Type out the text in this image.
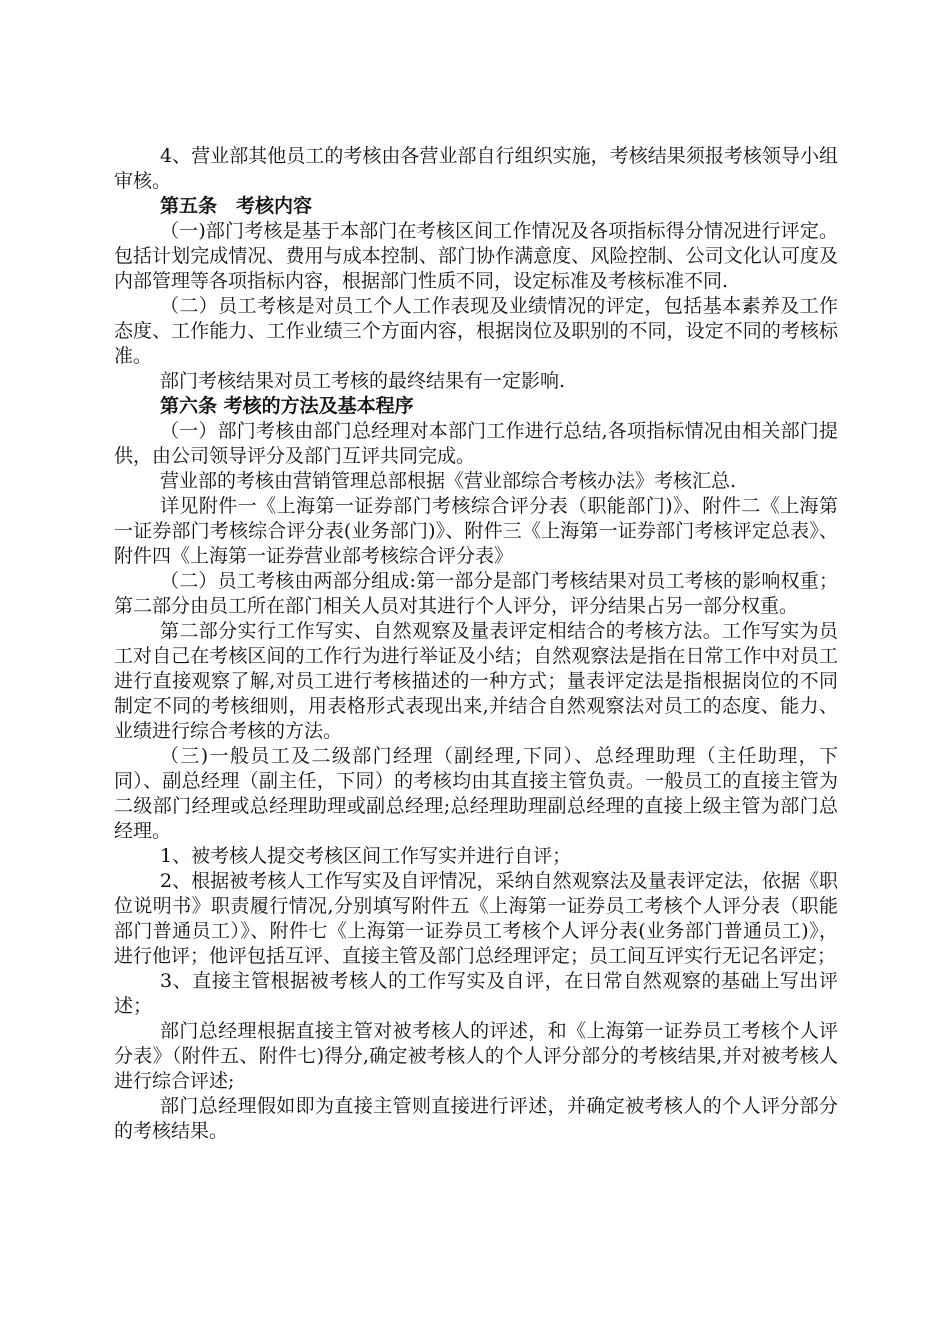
4、营业部其他员工的考核由各营业部自行组织实施，考核结果须报考核领导小组审核。

第五条　考核内容

（一)部门考核是基于本部门在考核区间工作情况及各项指标得分情况进行评定。包括计划完成情况、费用与成本控制、部门协作满意度、风险控制、公司文化认可度及内部管理等各项指标内容，根据部门性质不同，设定标准及考核标准不同.

（二）员工考核是对员工个人工作表现及业绩情况的评定，包括基本素养及工作态度、工作能力、工作业绩三个方面内容，根据岗位及职别的不同，设定不同的考核标准。

部门考核结果对员工考核的最终结果有一定影响.

第六条 考核的方法及基本程序

（一）部门考核由部门总经理对本部门工作进行总结,各项指标情况由相关部门提供，由公司领导评分及部门互评共同完成。

营业部的考核由营销管理总部根据《营业部综合考核办法》考核汇总.

详见附件一《上海第一证券部门考核综合评分表（职能部门)》、附件二《上海第一证券部门考核综合评分表(业务部门)》、附件三《上海第一证券部门考核评定总表》、附件四《上海第一证券营业部考核综合评分表》

（二）员工考核由两部分组成:第一部分是部门考核结果对员工考核的影响权重；第二部分由员工所在部门相关人员对其进行个人评分，评分结果占另一部分权重。

第二部分实行工作写实、自然观察及量表评定相结合的考核方法。工作写实为员工对自己在考核区间的工作行为进行举证及小结；自然观察法是指在日常工作中对员工进行直接观察了解,对员工进行考核描述的一种方式；量表评定法是指根据岗位的不同制定不同的考核细则，用表格形式表现出来,并结合自然观察法对员工的态度、能力、业绩进行综合考核的方法。

（三)一般员工及二级部门经理（副经理,下同）、总经理助理（主任助理，下同）、副总经理（副主任，下同）的考核均由其直接主管负责。一般员工的直接主管为二级部门经理或总经理助理或副总经理;总经理助理副总经理的直接上级主管为部门总经理。

1、被考核人提交考核区间工作写实并进行自评；

2、根据被考核人工作写实及自评情况，采纳自然观察法及量表评定法，依据《职位说明书》职责履行情况,分别填写附件五《上海第一证券员工考核个人评分表（职能部门普通员工）》、附件七《上海第一证券员工考核个人评分表(业务部门普通员工)》，进行他评；他评包括互评、直接主管及部门总经理评定；员工间互评实行无记名评定；

3、直接主管根据被考核人的工作写实及自评，在日常自然观察的基础上写出评述；

部门总经理根据直接主管对被考核人的评述，和《上海第一证券员工考核个人评分表》（附件五、附件七)得分,确定被考核人的个人评分部分的考核结果,并对被考核人进行综合评述;

部门总经理假如即为直接主管则直接进行评述，并确定被考核人的个人评分部分的考核结果。
